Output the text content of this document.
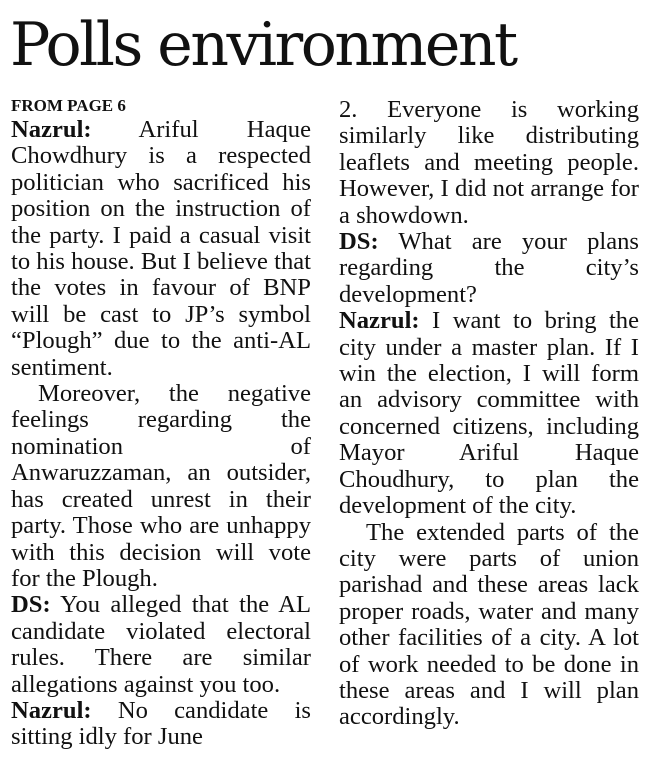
Polls environment
FROM PAGE 6

Nazrul: Ariful Haque Chowdhury is a respected politician who sacrificed his position on the instruction of the party. I paid a casual visit to his house. But I believe that the votes in favour of BNP will be cast to JP’s symbol “Plough” due to the anti-AL sentiment.

Moreover, the negative feelings regarding the nomination of Anwaruzzaman, an outsider, has created unrest in their party. Those who are unhappy with this decision will vote for the Plough.

DS: You alleged that the AL candidate violated electoral rules. There are similar allegations against you too.

Nazrul: No candidate is sitting idly for June

2. Everyone is working similarly like distributing leaflets and meeting people. However, I did not arrange for a showdown.

DS: What are your plans regarding the city’s development?

Nazrul: I want to bring the city under a master plan. If I win the election, I will form an advisory committee with concerned citizens, including Mayor Ariful Haque Choudhury, to plan the development of the city.

The extended parts of the city were parts of union parishad and these areas lack proper roads, water and many other facilities of a city. A lot of work needed to be done in these areas and I will plan accordingly.
